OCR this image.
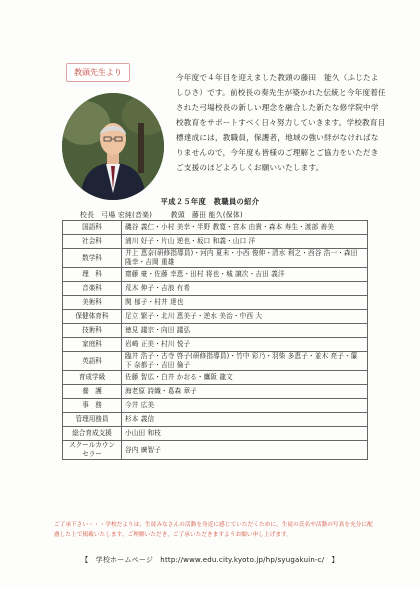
教頭先生より
今年度で４年目を迎えました教頭の藤田　能久（ふじたよしひさ）です。前校長の奏先生が築かれた伝統と今年度着任された弓場校長の新しい理念を融合した新たな修学院中学校教育をサポートすべく日々努力していきます。学校教育目標達成には，教職員，保護者，地域の強い絆がなければなりませんので，今年度も皆様のご理解とご協力をいただきご支援のほどよろしくお願いいたします。
平成２５年度　教職員の紹介
校長　弓場 宏純(音楽)	教頭　藤田 能久(保体)
国語科	磯谷 義仁・小村 美幸・半野 教寛・宮本 由貴・森本 寿生・渡部 善美
社会科	浦川 好子・片山 逆也・坂口 和義・山口 洋
数学科	井上 恵奈(研修指導員)・河内 夏未・小西 俊伸・清水 利之・西谷 浩一・森田 隆幸・吉岡 重雄
理　科	齋藤 豪・佐藤 幸恵・田村 将也・城 譲次・吉田 義洋
音楽科	荒木 伸子・吉浪 有希
美術科	関 郁子・村井 達也
保健体育科	足立 繁子・北川 恵美子・逆水 美治・中西 大
技術科	徳見 議宗・向田 議弘
家庭科	岩崎 正美・村川 悦子
英語科	臨井 浩子・古寺 啓子(研修指導員)・竹中 彩乃・羽柴 多恵子・並木 亮子・簾下 奈都子・吉田 倫子
育成学級	佐藤 智広・白井 かおる・鷹阪 龍文
養　護	海老原 詩織・葛森 章子
事　務	今井 広美
管理用務員	杉本 義信
総合育成支援	小山田 和枝
スクールカウンセラー	谷内 廣智子
ご了承下さい・・・学校だよりは，生徒みなさんの活動を身近に感じていただくために，生徒の氏名や活動の写真を充分に配慮した上で掲載いたします。ご理解いただき，ご了承いただきますようお願い申し上げます。
【　学校ホームページ　http://www.edu.city.kyoto.jp/hp/syugakuin-c/　】
